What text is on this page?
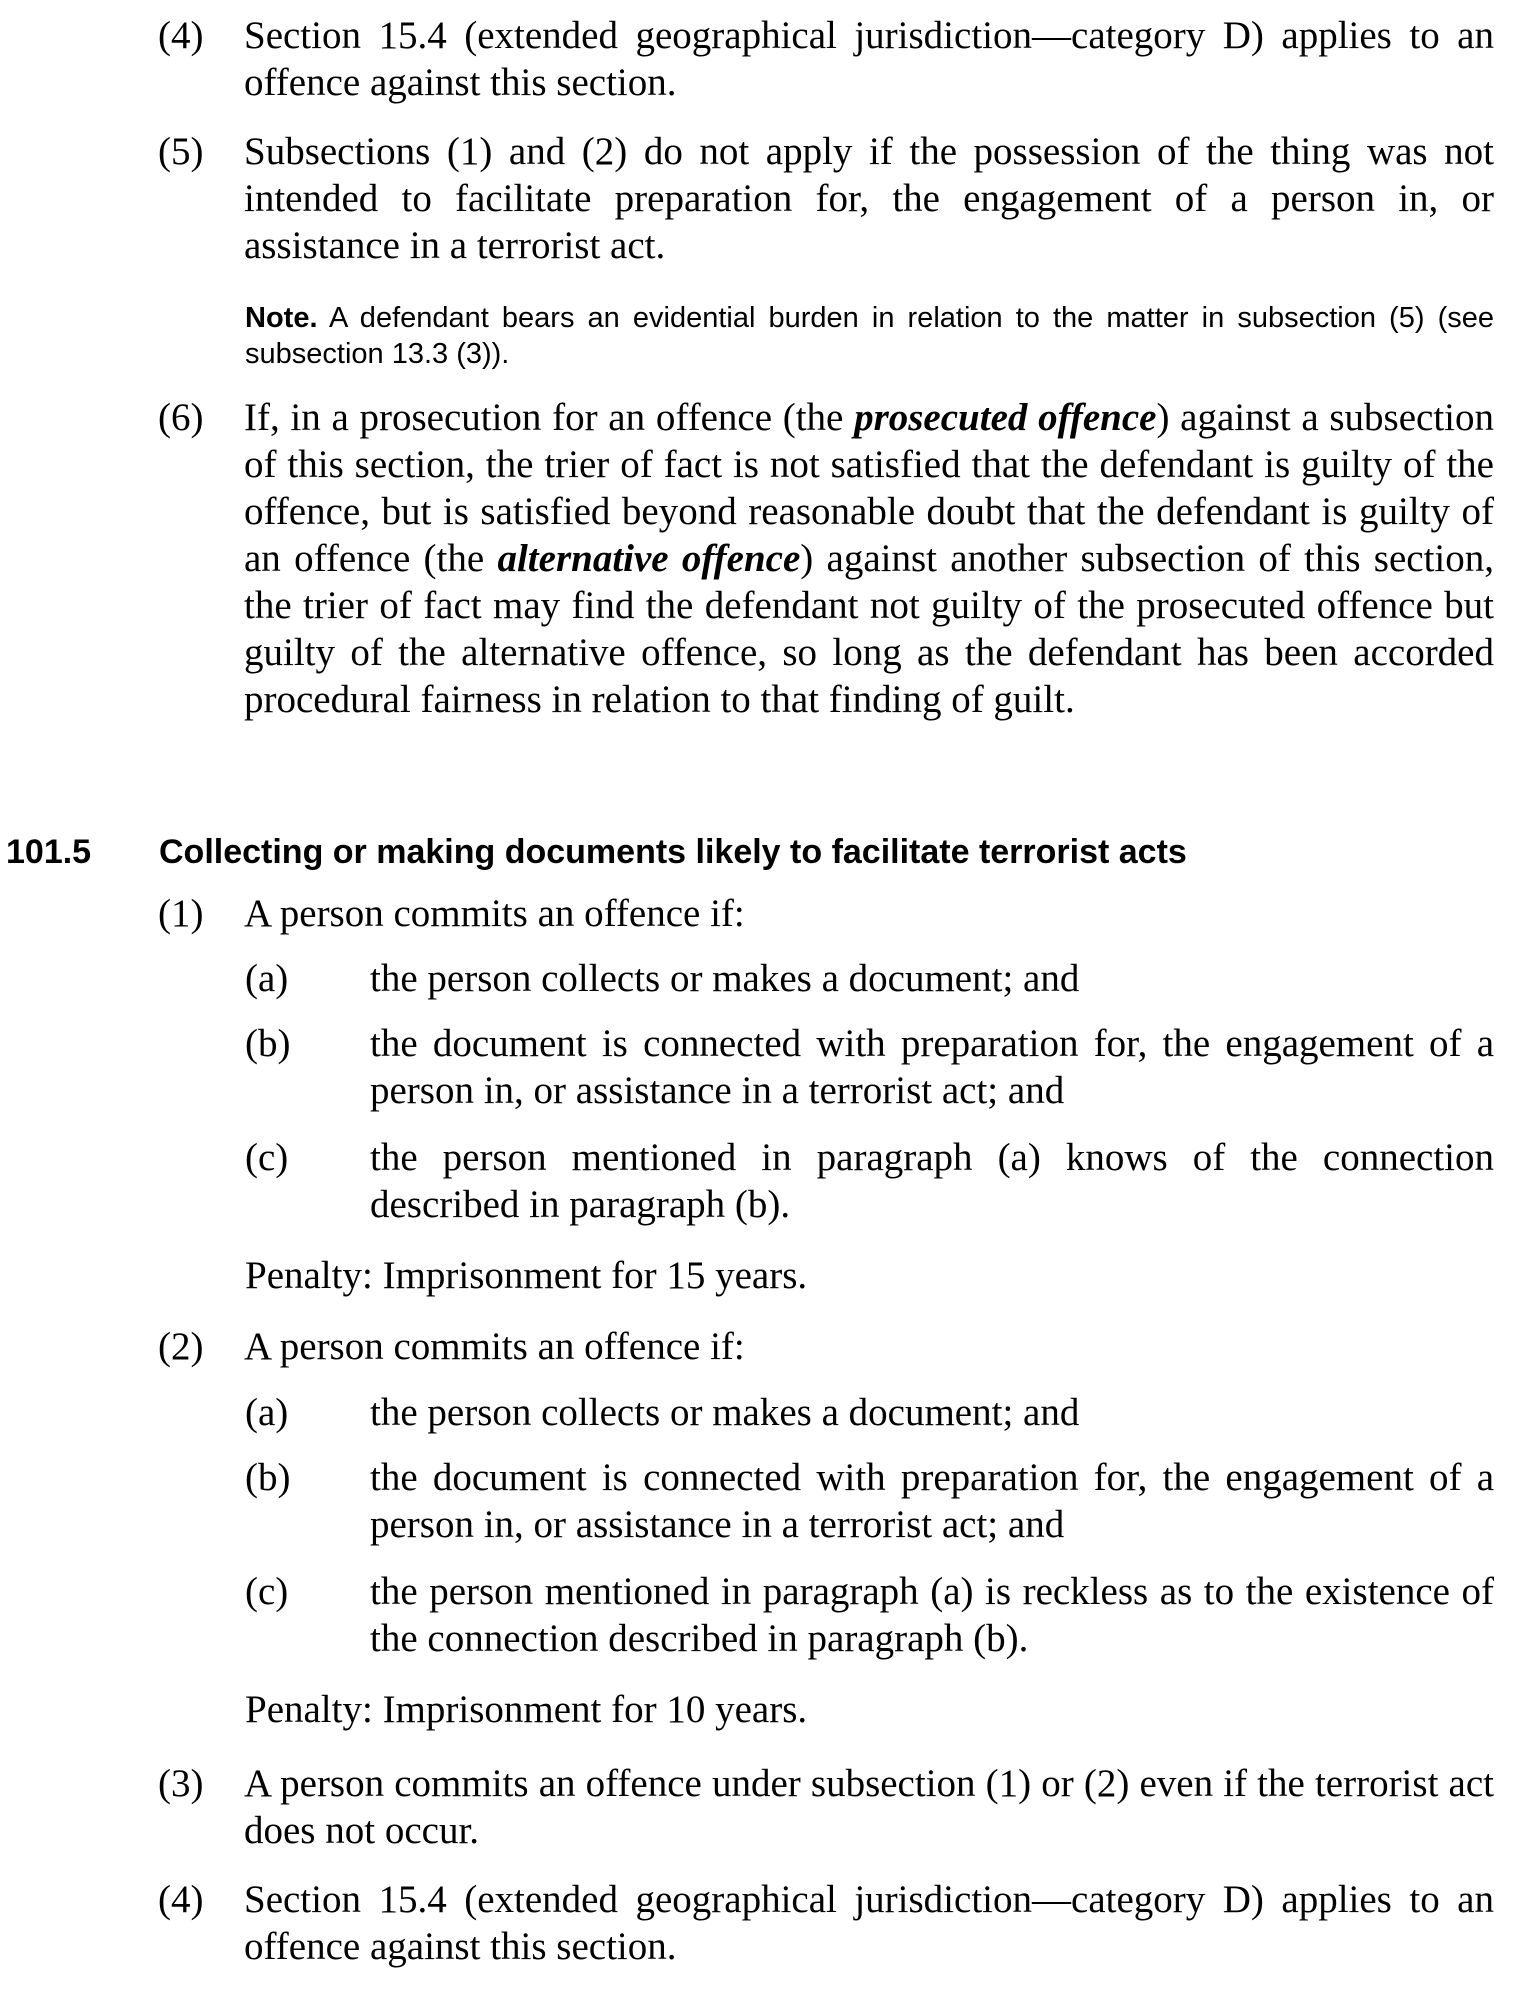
(4)	Section 15.4 (extended geographical jurisdiction—category D) applies to an offence against this section.
(5)	Subsections (1) and (2) do not apply if the possession of the thing was not intended to facilitate preparation for, the engagement of a person in, or assistance in a terrorist act.
Note. A defendant bears an evidential burden in relation to the matter in subsection (5) (see subsection 13.3 (3)).
(6)	If, in a prosecution for an offence (the prosecuted offence) against a subsection of this section, the trier of fact is not satisfied that the defendant is guilty of the offence, but is satisfied beyond reasonable doubt that the defendant is guilty of an offence (the alternative offence) against another subsection of this section, the trier of fact may find the defendant not guilty of the prosecuted offence but guilty of the alternative offence, so long as the defendant has been accorded procedural fairness in relation to that finding of guilt.
101.5 Collecting or making documents likely to facilitate terrorist acts
(1)	A person commits an offence if:
(a)	the person collects or makes a document; and
(b)	the document is connected with preparation for, the engagement of a person in, or assistance in a terrorist act; and
(c)	the person mentioned in paragraph (a) knows of the connection described in paragraph (b).
Penalty: Imprisonment for 15 years.
(2)	A person commits an offence if:
(a)	the person collects or makes a document; and
(b)	the document is connected with preparation for, the engagement of a person in, or assistance in a terrorist act; and
(c)	the person mentioned in paragraph (a) is reckless as to the existence of the connection described in paragraph (b).
Penalty: Imprisonment for 10 years.
(3)	A person commits an offence under subsection (1) or (2) even if the terrorist act does not occur.
(4)	Section 15.4 (extended geographical jurisdiction—category D) applies to an offence against this section.
